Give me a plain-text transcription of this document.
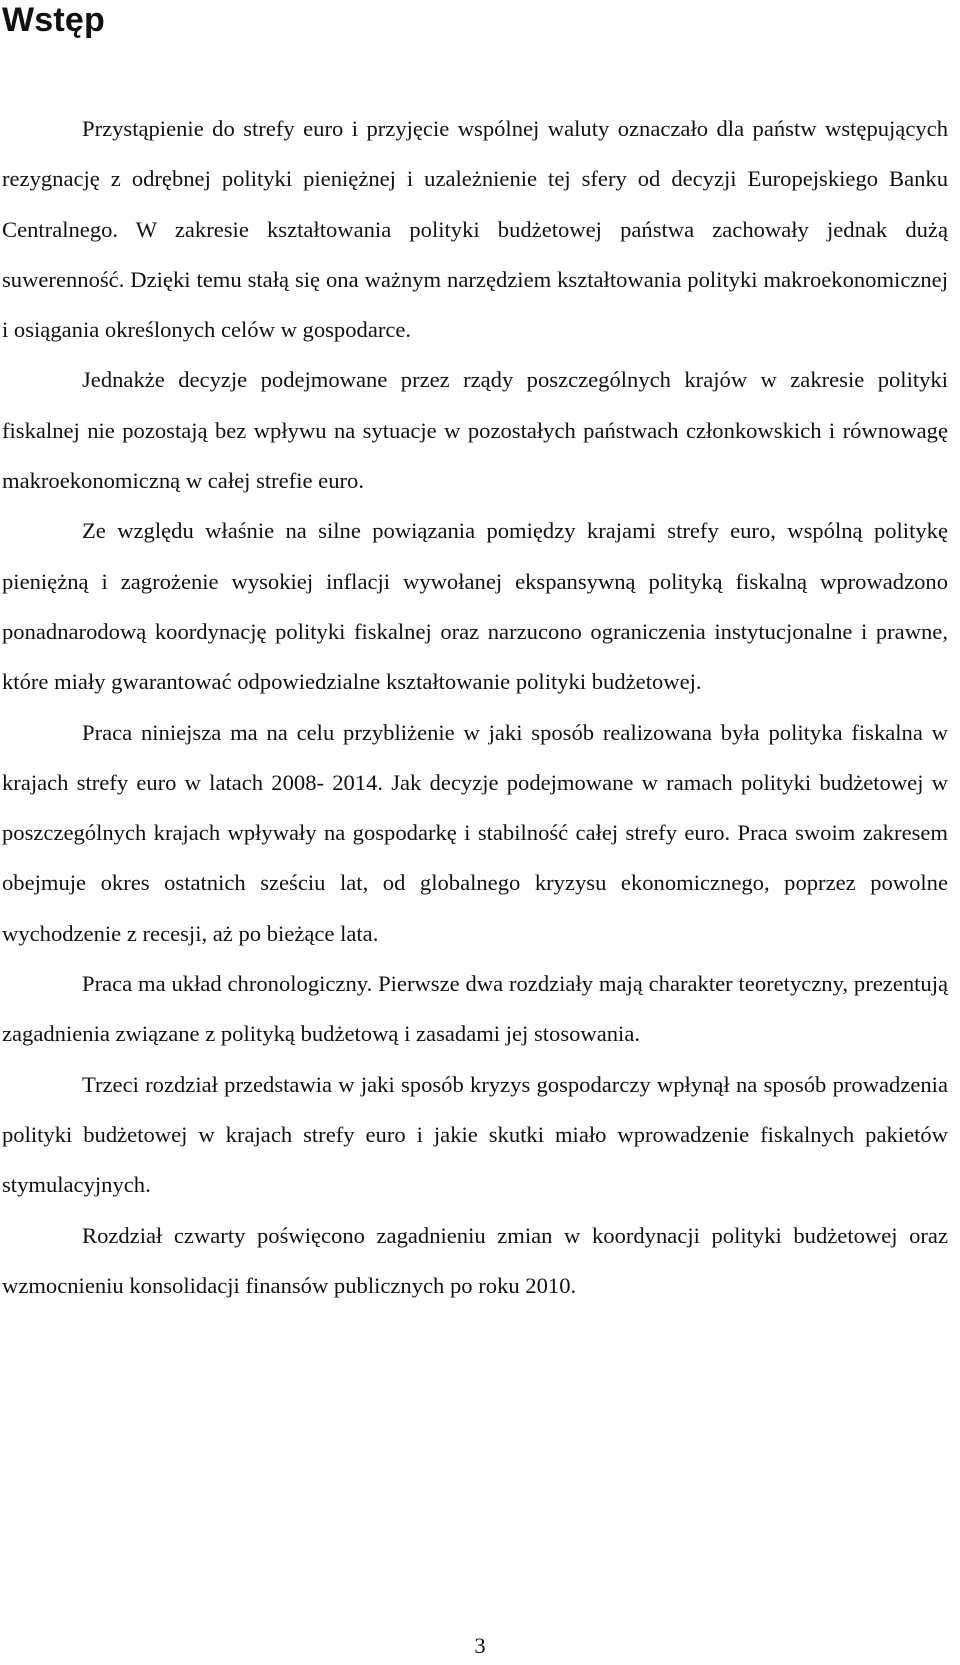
Wstęp

Przystąpienie do strefy euro i przyjęcie wspólnej waluty oznaczało dla państw wstępujących rezygnację z odrębnej polityki pieniężnej i uzależnienie tej sfery od decyzji Europejskiego Banku Centralnego. W zakresie kształtowania polityki budżetowej państwa zachowały jednak dużą suwerenność. Dzięki temu stałą się ona ważnym narzędziem kształtowania polityki makroekonomicznej i osiągania określonych celów w gospodarce.

Jednakże decyzje podejmowane przez rządy poszczególnych krajów w zakresie polityki fiskalnej nie pozostają bez wpływu na sytuacje w pozostałych państwach członkowskich i równowagę makroekonomiczną w całej strefie euro.

Ze względu właśnie na silne powiązania pomiędzy krajami strefy euro, wspólną politykę pieniężną i zagrożenie wysokiej inflacji wywołanej ekspansywną polityką fiskalną wprowadzono ponadnarodową koordynację polityki fiskalnej oraz narzucono ograniczenia instytucjonalne i prawne, które miały gwarantować odpowiedzialne kształtowanie polityki budżetowej.

Praca niniejsza ma na celu przybliżenie w jaki sposób realizowana była polityka fiskalna w krajach strefy euro w latach 2008- 2014. Jak decyzje podejmowane w ramach polityki budżetowej w poszczególnych krajach wpływały na gospodarkę i stabilność całej strefy euro. Praca swoim zakresem obejmuje okres ostatnich sześciu lat, od globalnego kryzysu ekonomicznego, poprzez powolne wychodzenie z recesji, aż po bieżące lata.

Praca ma układ chronologiczny. Pierwsze dwa rozdziały mają charakter teoretyczny, prezentują zagadnienia związane z polityką budżetową i zasadami jej stosowania.

Trzeci rozdział przedstawia w jaki sposób kryzys gospodarczy wpłynął na sposób prowadzenia polityki budżetowej w krajach strefy euro i jakie skutki miało wprowadzenie fiskalnych pakietów stymulacyjnych.

Rozdział czwarty poświęcono zagadnieniu zmian w koordynacji polityki budżetowej oraz wzmocnieniu konsolidacji finansów publicznych po roku 2010.

3
